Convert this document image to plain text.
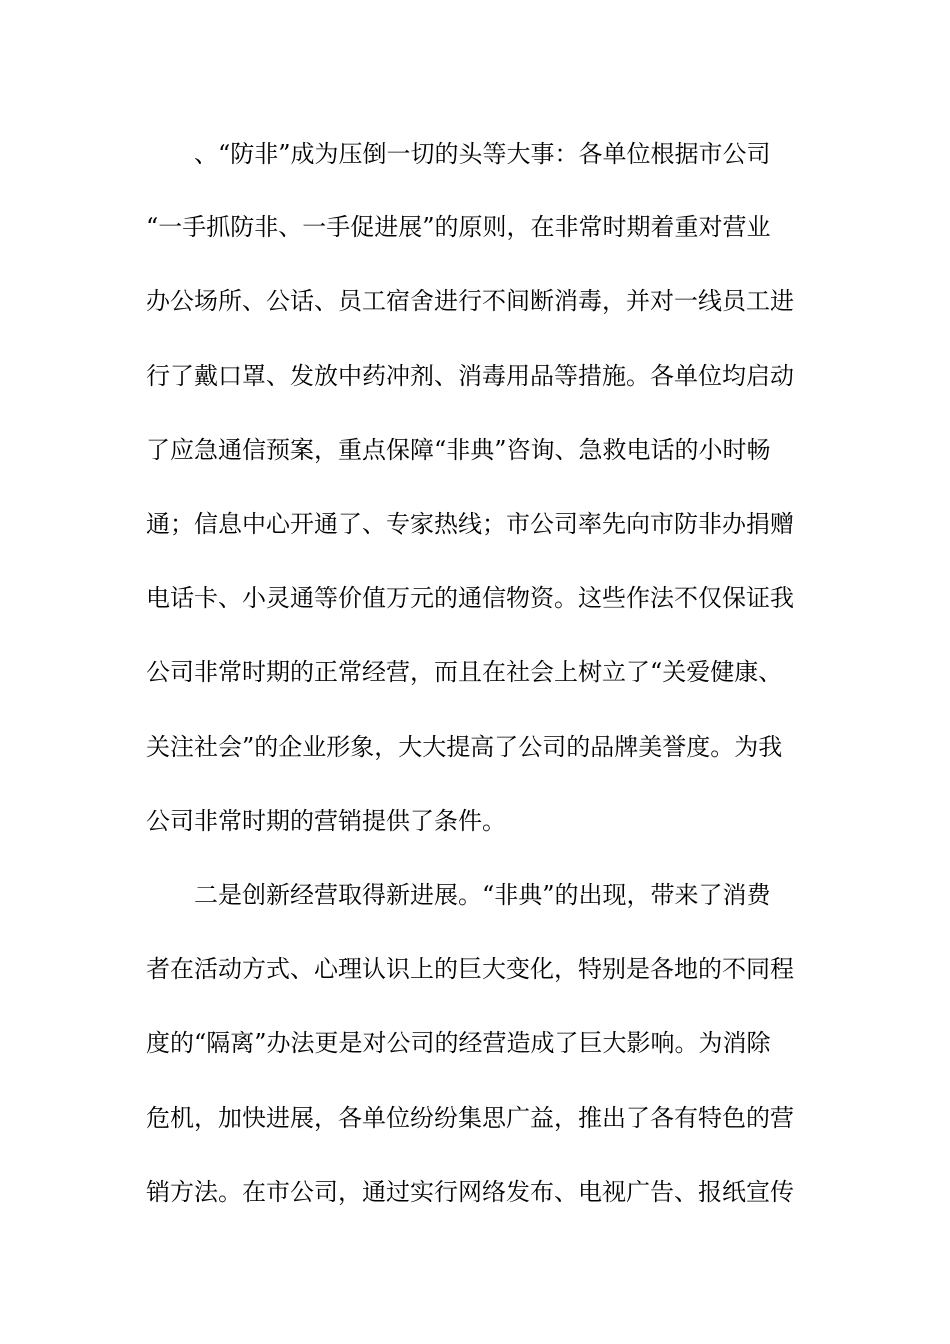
、“防非”成为压倒一切的头等大事：各单位根据市公司
“一手抓防非、一手促进展”的原则，在非常时期着重对营业
办公场所、公话、员工宿舍进行不间断消毒，并对一线员工进
行了戴口罩、发放中药冲剂、消毒用品等措施。各单位均启动
了应急通信预案，重点保障“非典”咨询、急救电话的小时畅
通；信息中心开通了、专家热线；市公司率先向市防非办捐赠
电话卡、小灵通等价值万元的通信物资。这些作法不仅保证我
公司非常时期的正常经营，而且在社会上树立了“关爱健康、
关注社会”的企业形象，大大提高了公司的品牌美誉度。为我
公司非常时期的营销提供了条件。
二是创新经营取得新进展。“非典”的出现，带来了消费
者在活动方式、心理认识上的巨大变化，特别是各地的不同程
度的“隔离”办法更是对公司的经营造成了巨大影响。为消除
危机，加快进展，各单位纷纷集思广益，推出了各有特色的营
销方法。在市公司，通过实行网络发布、电视广告、报纸宣传
